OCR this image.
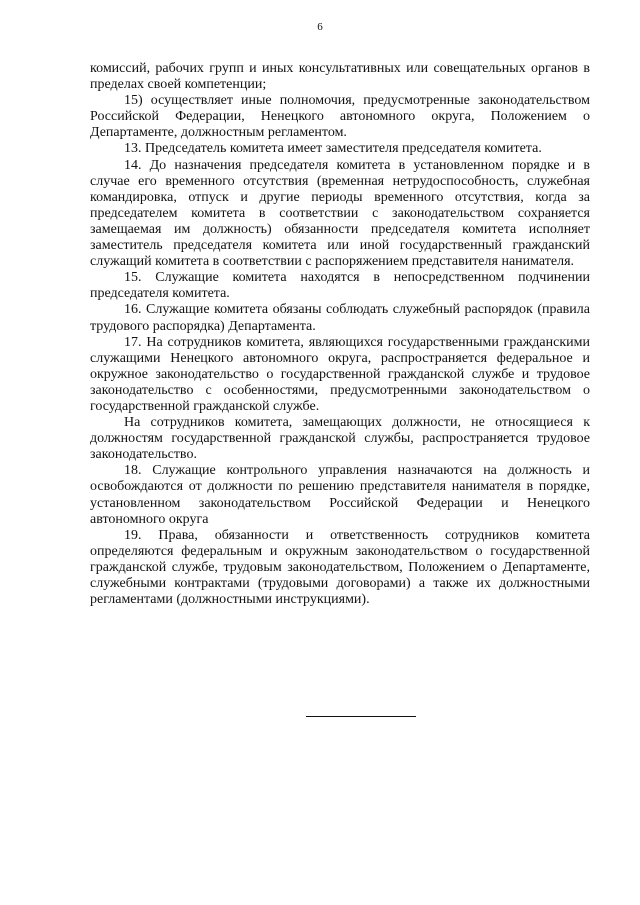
6

комиссий, рабочих групп и иных консультативных или совещательных органов в пределах своей компетенции;

15) осуществляет иные полномочия, предусмотренные законодательством Российской Федерации, Ненецкого автономного округа, Положением о Департаменте, должностным регламентом.

13. Председатель комитета имеет заместителя председателя комитета.

14. До назначения председателя комитета в установленном порядке и в случае его временного отсутствия (временная нетрудоспособность, служебная командировка, отпуск и другие периоды временного отсутствия, когда за председателем комитета в соответствии с законодательством сохраняется замещаемая им должность) обязанности председателя комитета исполняет заместитель председателя комитета или иной государственный гражданский служащий комитета в соответствии с распоряжением представителя нанимателя.

15. Служащие комитета находятся в непосредственном подчинении председателя комитета.

16. Служащие комитета обязаны соблюдать служебный распорядок (правила трудового распорядка) Департамента.

17. На сотрудников комитета, являющихся государственными гражданскими служащими Ненецкого автономного округа, распространяется федеральное и окружное законодательство о государственной гражданской службе и трудовое законодательство с особенностями, предусмотренными законодательством о государственной гражданской службе.

На сотрудников комитета, замещающих должности, не относящиеся к должностям государственной гражданской службы, распространяется трудовое законодательство.

18. Служащие контрольного управления назначаются на должность и освобождаются от должности по решению представителя нанимателя в порядке, установленном законодательством Российской Федерации и Ненецкого автономного округа

19. Права, обязанности и ответственность сотрудников комитета определяются федеральным и окружным законодательством о государственной гражданской службе, трудовым законодательством, Положением о Департаменте, служебными контрактами (трудовыми договорами) а также их должностными регламентами (должностными инструкциями).
